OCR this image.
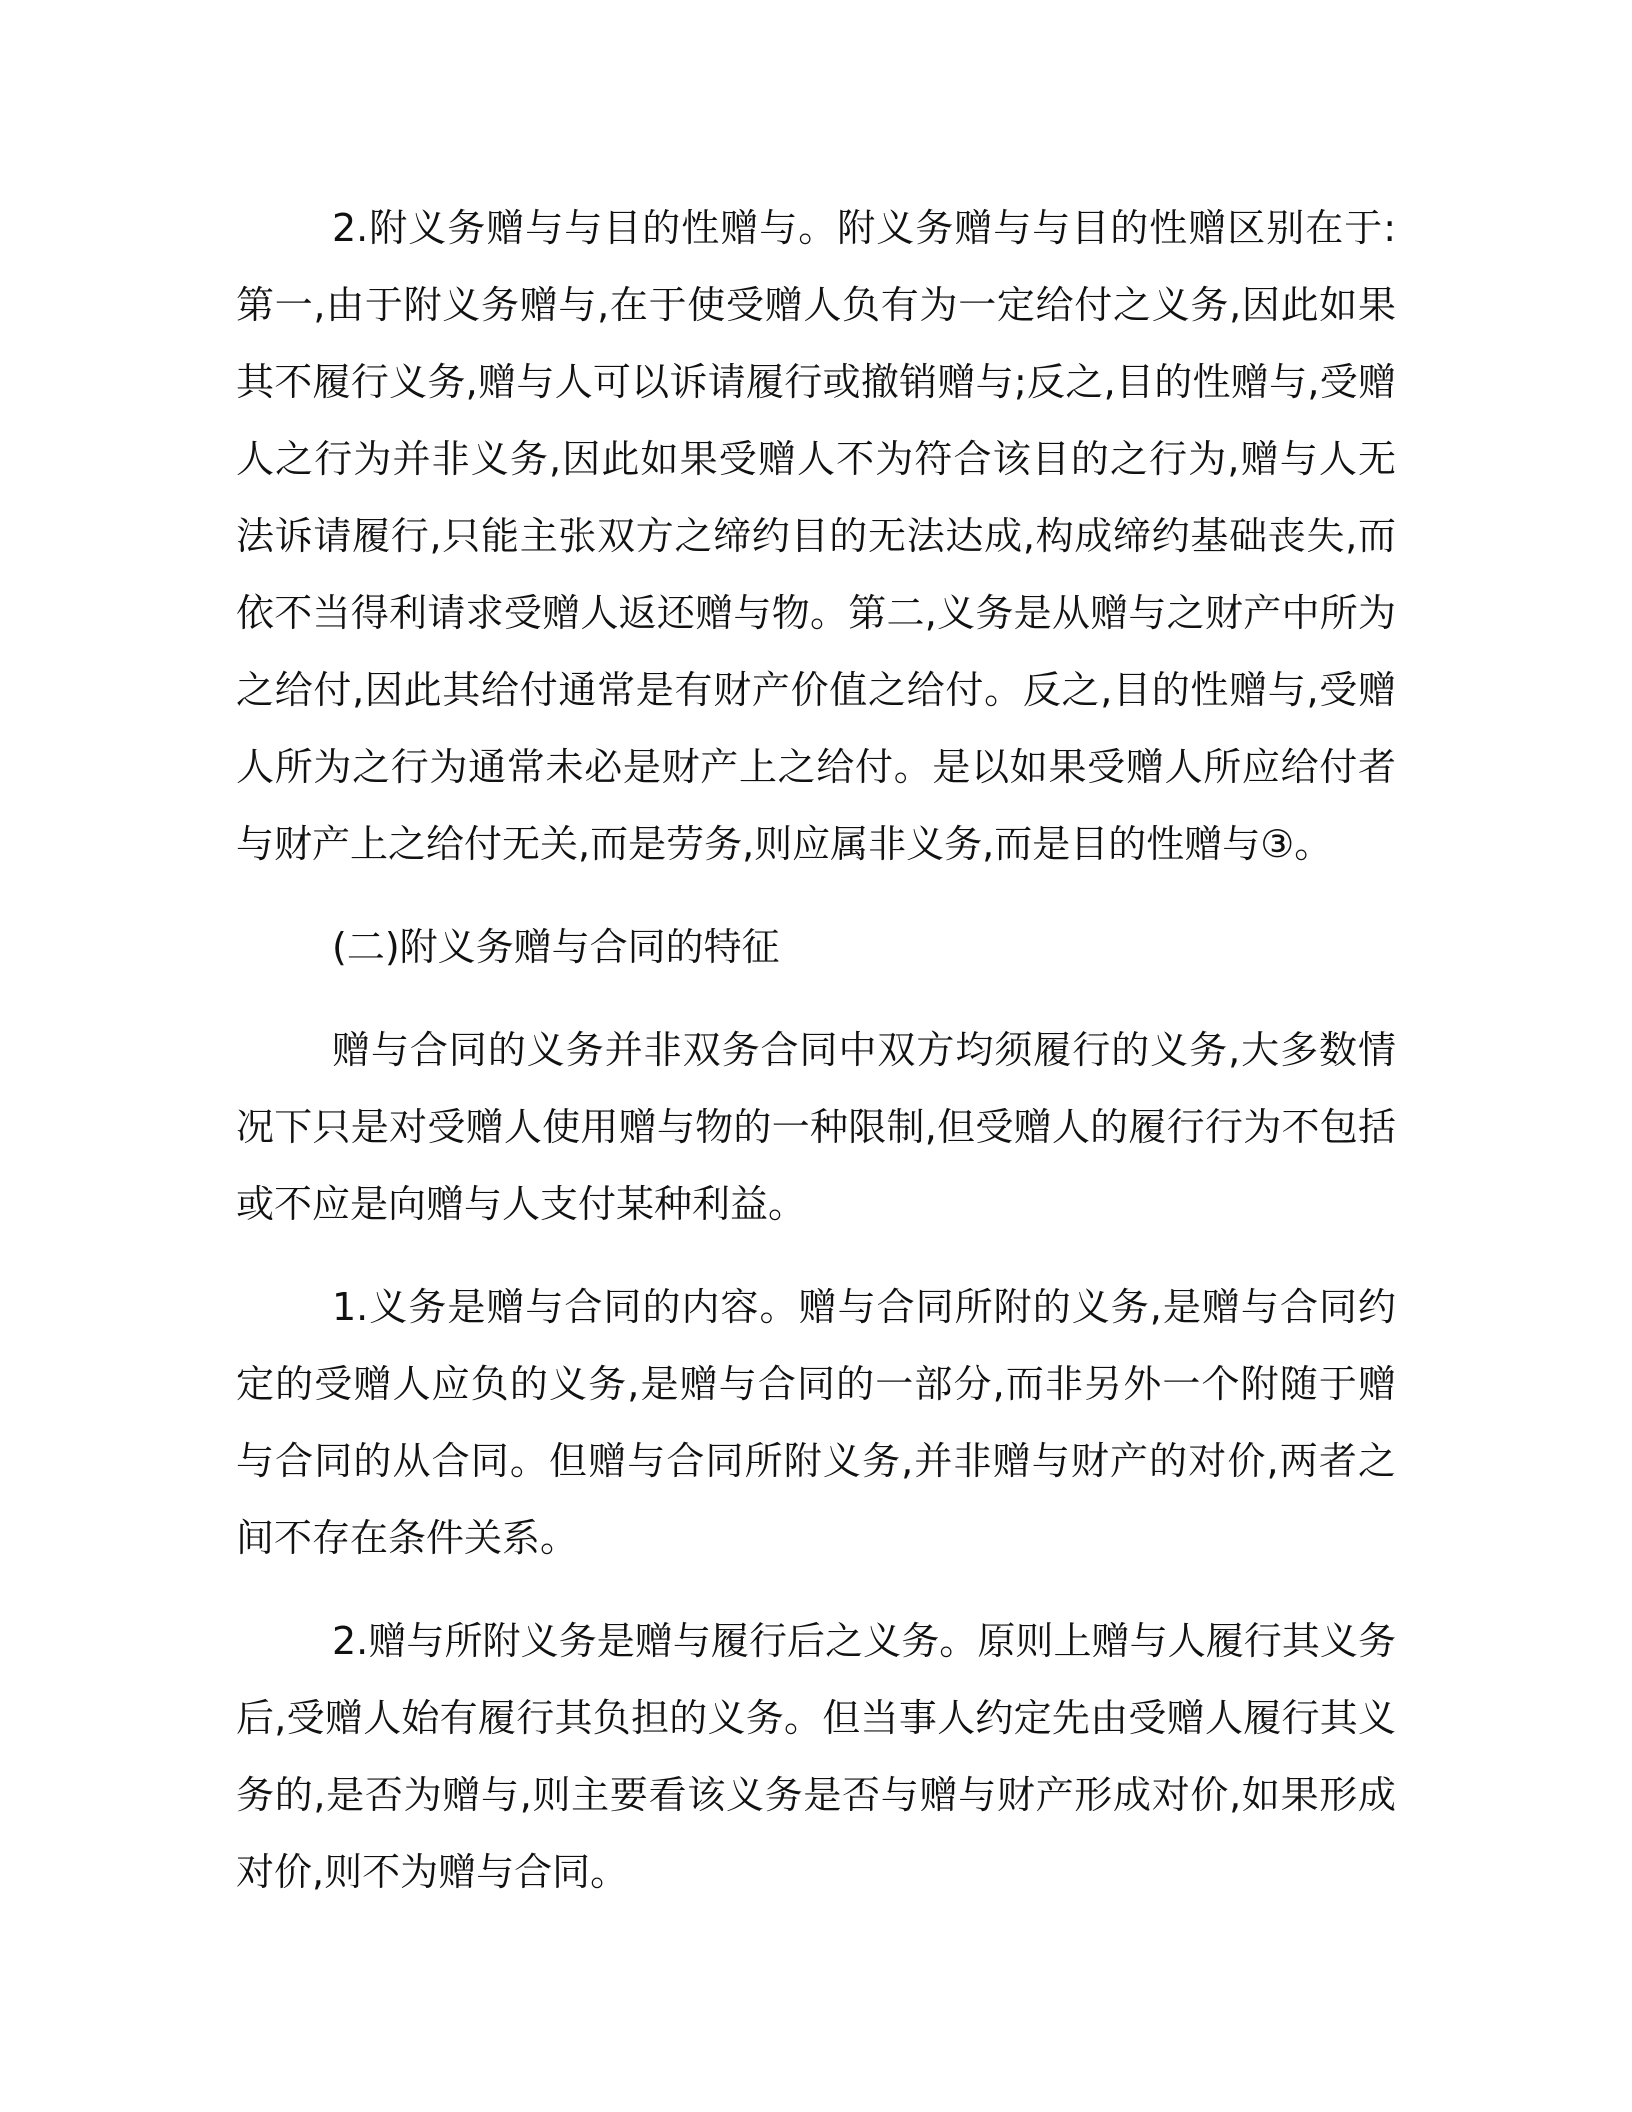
2.附义务赠与与目的性赠与。附义务赠与与目的性赠区别在于:第一,由于附义务赠与,在于使受赠人负有为一定给付之义务,因此如果其不履行义务,赠与人可以诉请履行或撤销赠与;反之,目的性赠与,受赠人之行为并非义务,因此如果受赠人不为符合该目的之行为,赠与人无法诉请履行,只能主张双方之缔约目的无法达成,构成缔约基础丧失,而依不当得利请求受赠人返还赠与物。第二,义务是从赠与之财产中所为之给付,因此其给付通常是有财产价值之给付。反之,目的性赠与,受赠人所为之行为通常未必是财产上之给付。是以如果受赠人所应给付者与财产上之给付无关,而是劳务,则应属非义务,而是目的性赠与③。

(二)附义务赠与合同的特征

赠与合同的义务并非双务合同中双方均须履行的义务,大多数情况下只是对受赠人使用赠与物的一种限制,但受赠人的履行行为不包括或不应是向赠与人支付某种利益。

1.义务是赠与合同的内容。赠与合同所附的义务,是赠与合同约定的受赠人应负的义务,是赠与合同的一部分,而非另外一个附随于赠与合同的从合同。但赠与合同所附义务,并非赠与财产的对价,两者之间不存在条件关系。

2.赠与所附义务是赠与履行后之义务。原则上赠与人履行其义务后,受赠人始有履行其负担的义务。但当事人约定先由受赠人履行其义务的,是否为赠与,则主要看该义务是否与赠与财产形成对价,如果形成对价,则不为赠与合同。
